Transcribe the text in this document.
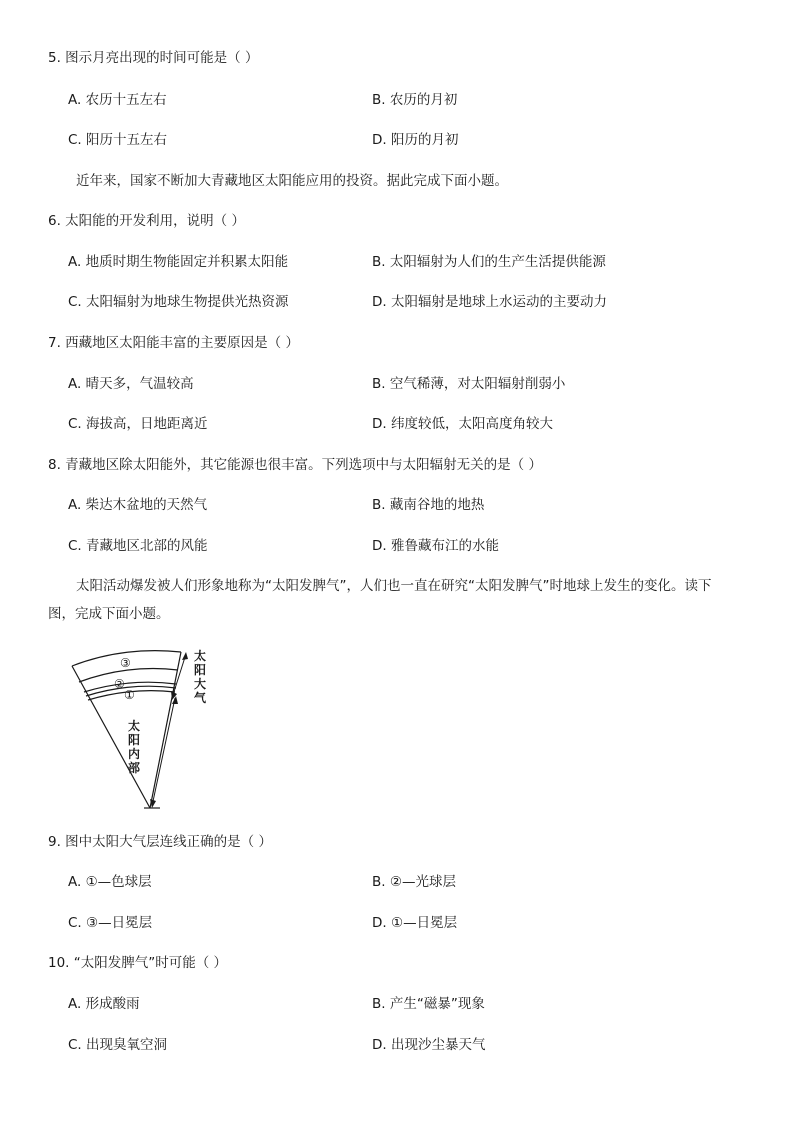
5. 图示月亮出现的时间可能是（ ）
A. 农历十五左右	B. 农历的月初
C. 阳历十五左右	D. 阳历的月初
近年来，国家不断加大青藏地区太阳能应用的投资。据此完成下面小题。
6. 太阳能的开发利用，说明（ ）
A. 地质时期生物能固定并积累太阳能	B. 太阳辐射为人们的生产生活提供能源
C. 太阳辐射为地球生物提供光热资源	D. 太阳辐射是地球上水运动的主要动力
7. 西藏地区太阳能丰富的主要原因是（ ）
A. 晴天多，气温较高	B. 空气稀薄，对太阳辐射削弱小
C. 海拔高，日地距离近	D. 纬度较低，太阳高度角较大
8. 青藏地区除太阳能外，其它能源也很丰富。下列选项中与太阳辐射无关的是（ ）
A. 柴达木盆地的天然气	B. 藏南谷地的地热
C. 青藏地区北部的风能	D. 雅鲁藏布江的水能
太阳活动爆发被人们形象地称为“太阳发脾气”，人们也一直在研究“太阳发脾气”时地球上发生的变化。读下
图，完成下面小题。
③
②
①
太
阳
大
气
太
阳
内
部
9. 图中太阳大气层连线正确的是（ ）
A. ①—色球层	B. ②—光球层
C. ③—日冕层	D. ①—日冕层
10. “太阳发脾气”时可能（ ）
A. 形成酸雨	B. 产生“磁暴”现象
C. 出现臭氧空洞	D. 出现沙尘暴天气
